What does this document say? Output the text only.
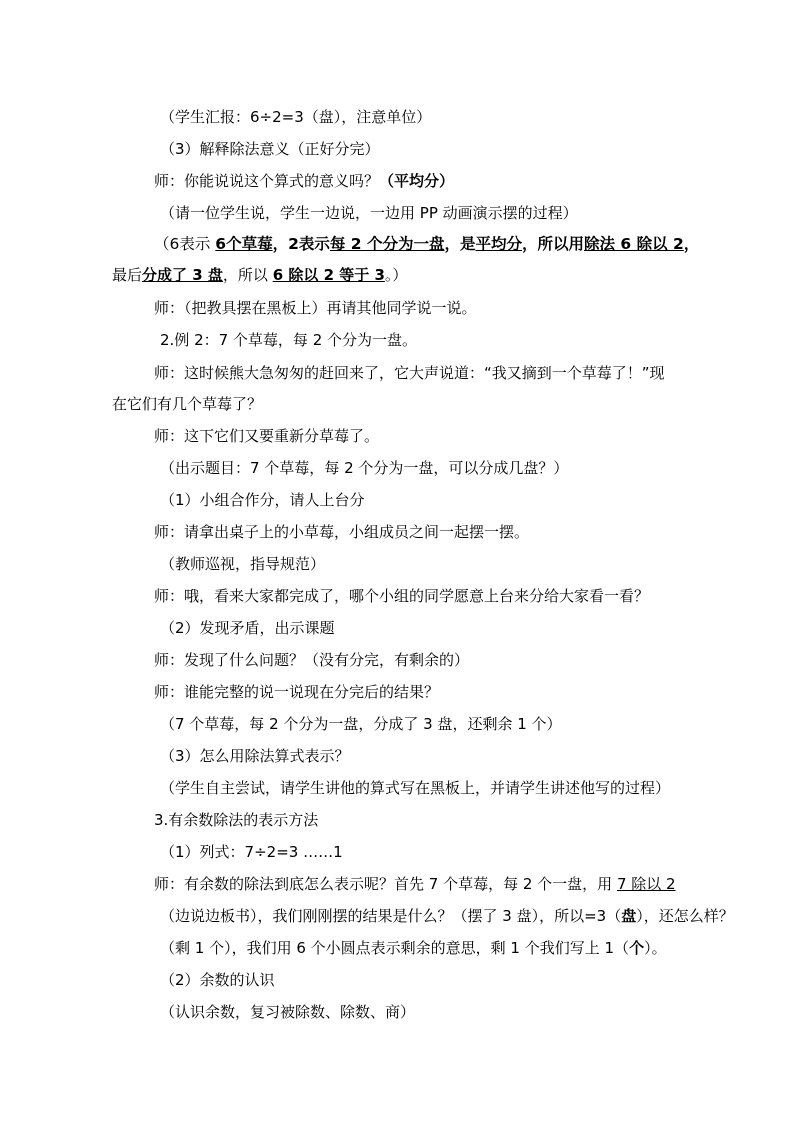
（学生汇报：6÷2=3（盘），注意单位）
（3）解释除法意义（正好分完）
师：你能说说这个算式的意义吗？（平均分）
（请一位学生说，学生一边说，一边用 PP 动画演示摆的过程）
（6表示 6个草莓，2表示每 2 个分为一盘，是平均分，所以用除法 6 除以 2，
最后分成了 3 盘，所以 6 除以 2 等于 3。）
师：（把教具摆在黑板上）再请其他同学说一说。
2.例 2：7 个草莓，每 2 个分为一盘。
师：这时候熊大急匆匆的赶回来了，它大声说道：“我又摘到一个草莓了！”现
在它们有几个草莓了？
师：这下它们又要重新分草莓了。
（出示题目：7 个草莓，每 2 个分为一盘，可以分成几盘？）
（1）小组合作分，请人上台分
师：请拿出桌子上的小草莓，小组成员之间一起摆一摆。
（教师巡视，指导规范）
师：哦，看来大家都完成了，哪个小组的同学愿意上台来分给大家看一看？
（2）发现矛盾，出示课题
师：发现了什么问题？（没有分完，有剩余的）
师：谁能完整的说一说现在分完后的结果？
（7 个草莓，每 2 个分为一盘，分成了 3 盘，还剩余 1 个）
（3）怎么用除法算式表示？
（学生自主尝试，请学生讲他的算式写在黑板上，并请学生讲述他写的过程）
3.有余数除法的表示方法
（1）列式：7÷2=3 ……1
师：有余数的除法到底怎么表示呢？首先 7 个草莓，每 2 个一盘，用 7 除以 2
（边说边板书），我们刚刚摆的结果是什么？（摆了 3 盘），所以=3（盘），还怎么样？
（剩 1 个），我们用 6 个小圆点表示剩余的意思，剩 1 个我们写上 1（个）。
（2）余数的认识
（认识余数，复习被除数、除数、商）
